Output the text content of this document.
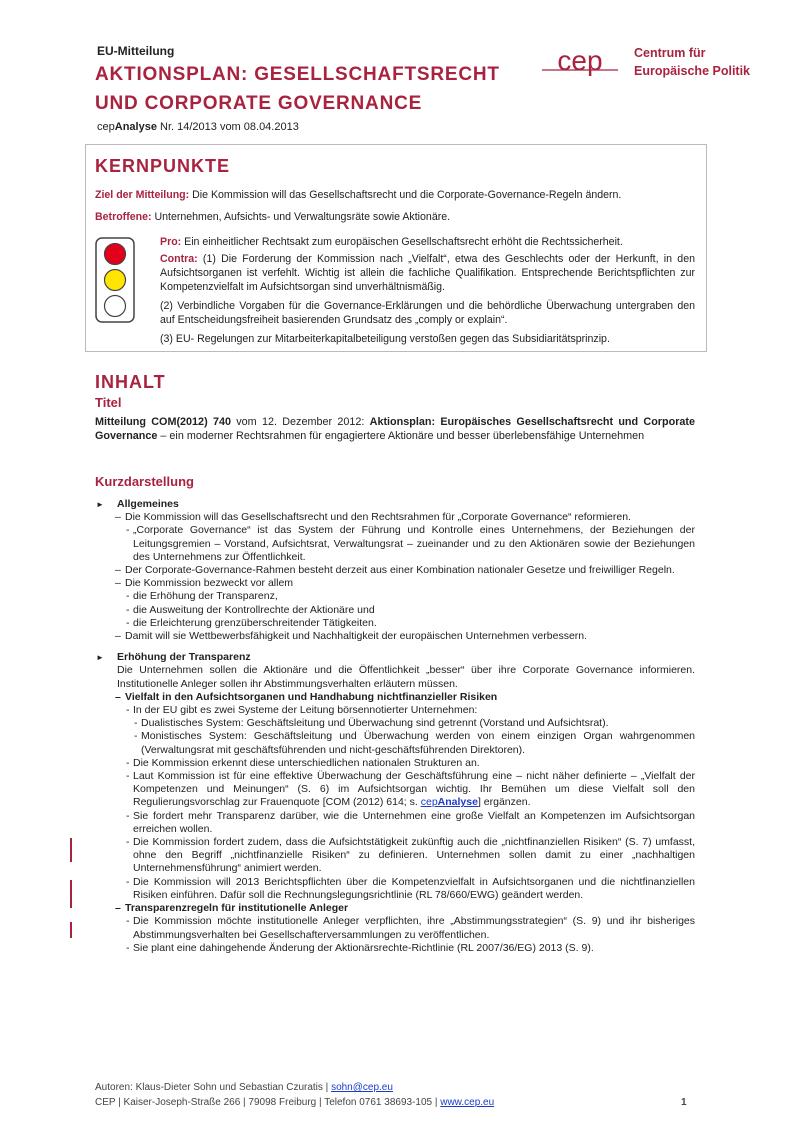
EU-Mitteilung
AKTIONSPLAN: GESELLSCHAFTSRECHT
UND CORPORATE GOVERNANCE
cepAnalyse Nr. 14/2013 vom 08.04.2013
cep	Centrum für
Europäische Politik
KERNPUNKTE
Ziel der Mitteilung: Die Kommission will das Gesellschaftsrecht und die Corporate-Governance-Regeln ändern.
Betroffene: Unternehmen, Aufsichts- und Verwaltungsräte sowie Aktionäre.
Pro: Ein einheitlicher Rechtsakt zum europäischen Gesellschaftsrecht erhöht die Rechtssicherheit.
Contra: (1) Die Forderung der Kommission nach „Vielfalt“, etwa des Geschlechts oder der Herkunft, in den Aufsichtsorganen ist verfehlt. Wichtig ist allein die fachliche Qualifikation. Entsprechende Berichtspflichten zur Kompetenzvielfalt im Aufsichtsorgan sind unverhältnismäßig.
(2) Verbindliche Vorgaben für die Governance-Erklärungen und die behördliche Überwachung untergraben den auf Entscheidungsfreiheit basierenden Grundsatz des „comply or explain“.
(3) EU- Regelungen zur Mitarbeiterkapitalbeteiligung verstoßen gegen das Subsidiaritätsprinzip.
INHALT
Titel
Mitteilung COM(2012) 740 vom 12. Dezember 2012: Aktionsplan: Europäisches Gesellschaftsrecht und Corporate Governance – ein moderner Rechtsrahmen für engagiertere Aktionäre und besser überlebensfähige Unternehmen
Kurzdarstellung
► Allgemeines
– Die Kommission will das Gesellschaftsrecht und den Rechtsrahmen für „Corporate Governance“ reformieren.
- „Corporate Governance“ ist das System der Führung und Kontrolle eines Unternehmens, der Beziehungen der Leitungsgremien – Vorstand, Aufsichtsrat, Verwaltungsrat – zueinander und zu den Aktionären sowie der Beziehungen des Unternehmens zur Öffentlichkeit.
– Der Corporate-Governance-Rahmen besteht derzeit aus einer Kombination nationaler Gesetze und freiwilliger Regeln.
– Die Kommission bezweckt vor allem
- die Erhöhung der Transparenz,
- die Ausweitung der Kontrollrechte der Aktionäre und
- die Erleichterung grenzüberschreitender Tätigkeiten.
– Damit will sie Wettbewerbsfähigkeit und Nachhaltigkeit der europäischen Unternehmen verbessern.
► Erhöhung der Transparenz
Die Unternehmen sollen die Aktionäre und die Öffentlichkeit „besser“ über ihre Corporate Governance informieren. Institutionelle Anleger sollen ihr Abstimmungsverhalten erläutern müssen.
– Vielfalt in den Aufsichtsorganen und Handhabung nichtfinanzieller Risiken
- In der EU gibt es zwei Systeme der Leitung börsennotierter Unternehmen:
- Dualistisches System: Geschäftsleitung und Überwachung sind getrennt (Vorstand und Aufsichtsrat).
- Monistisches System: Geschäftsleitung und Überwachung werden von einem einzigen Organ wahrgenommen (Verwaltungsrat mit geschäftsführenden und nicht-geschäftsführenden Direktoren).
- Die Kommission erkennt diese unterschiedlichen nationalen Strukturen an.
- Laut Kommission ist für eine effektive Überwachung der Geschäftsführung eine – nicht näher definierte – „Vielfalt der Kompetenzen und Meinungen“ (S. 6) im Aufsichtsorgan wichtig. Ihr Bemühen um diese Vielfalt soll den Regulierungsvorschlag zur Frauenquote [COM (2012) 614; s. cepAnalyse] ergänzen.
- Sie fordert mehr Transparenz darüber, wie die Unternehmen eine große Vielfalt an Kompetenzen im Aufsichtsorgan erreichen wollen.
- Die Kommission fordert zudem, dass die Aufsichtstätigkeit zukünftig auch die „nichtfinanziellen Risiken“ (S. 7) umfasst, ohne den Begriff „nichtfinanzielle Risiken“ zu definieren. Unternehmen sollen damit zu einer „nachhaltigen Unternehmensführung“ animiert werden.
- Die Kommission will 2013 Berichtspflichten über die Kompetenzvielfalt in Aufsichtsorganen und die nichtfinanziellen Risiken einführen. Dafür soll die Rechnungslegungsrichtlinie (RL 78/660/EWG) geändert werden.
– Transparenzregeln für institutionelle Anleger
- Die Kommission möchte institutionelle Anleger verpflichten, ihre „Abstimmungsstrategien“ (S. 9) und ihr bisheriges Abstimmungsverhalten bei Gesellschafterversammlungen zu veröffentlichen.
- Sie plant eine dahingehende Änderung der Aktionärsrechte-Richtlinie (RL 2007/36/EG) 2013 (S. 9).
Autoren: Klaus-Dieter Sohn und Sebastian Czuratis | sohn@cep.eu
CEP | Kaiser-Joseph-Straße 266 | 79098 Freiburg | Telefon 0761 38693-105 | www.cep.eu	1
